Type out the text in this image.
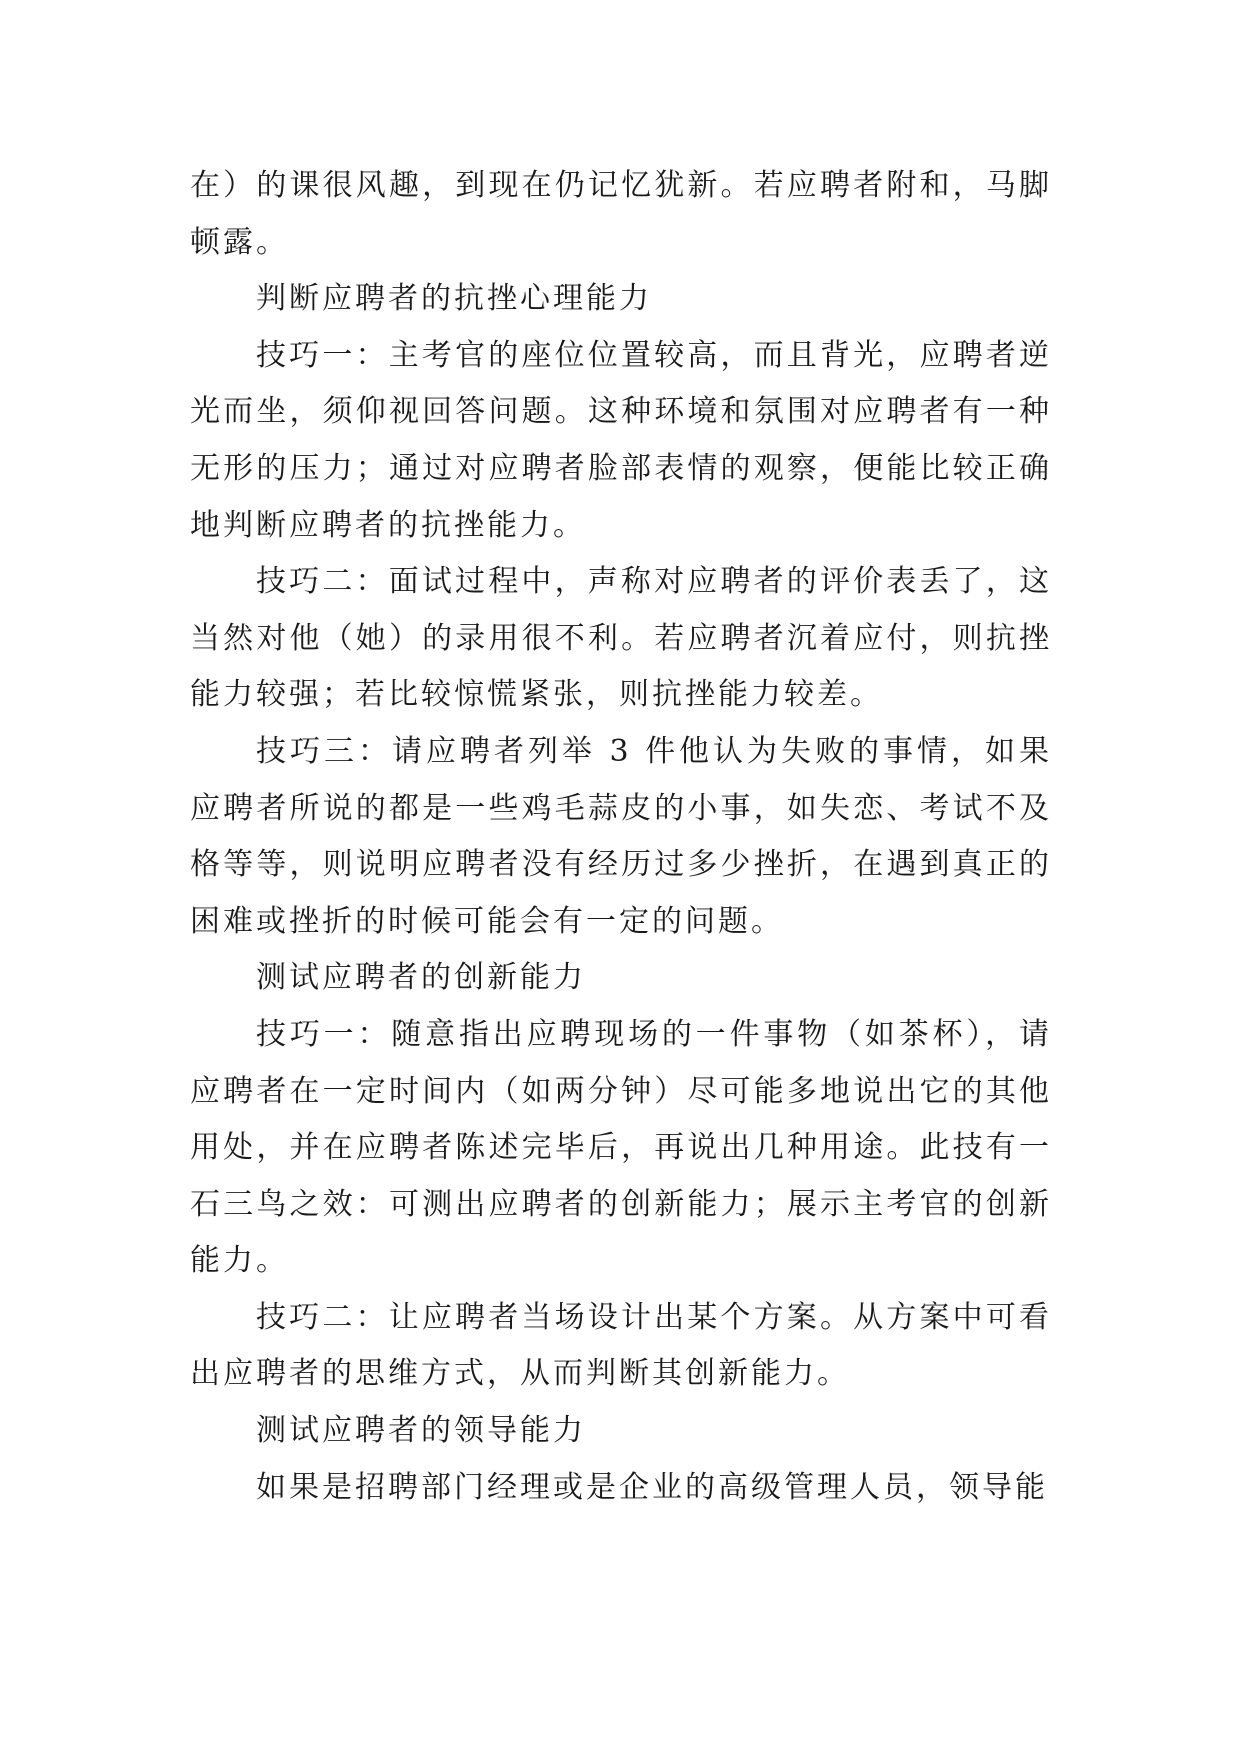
在）的课很风趣，到现在仍记忆犹新。若应聘者附和，马脚顿露。

判断应聘者的抗挫心理能力

技巧一：主考官的座位位置较高，而且背光，应聘者逆光而坐，须仰视回答问题。这种环境和氛围对应聘者有一种无形的压力；通过对应聘者脸部表情的观察，便能比较正确地判断应聘者的抗挫能力。

技巧二：面试过程中，声称对应聘者的评价表丢了，这当然对他（她）的录用很不利。若应聘者沉着应付，则抗挫能力较强；若比较惊慌紧张，则抗挫能力较差。

技巧三：请应聘者列举 3 件他认为失败的事情，如果应聘者所说的都是一些鸡毛蒜皮的小事，如失恋、考试不及格等等，则说明应聘者没有经历过多少挫折，在遇到真正的困难或挫折的时候可能会有一定的问题。

测试应聘者的创新能力

技巧一：随意指出应聘现场的一件事物（如茶杯），请应聘者在一定时间内（如两分钟）尽可能多地说出它的其他用处，并在应聘者陈述完毕后，再说出几种用途。此技有一石三鸟之效：可测出应聘者的创新能力；展示主考官的创新能力。

技巧二：让应聘者当场设计出某个方案。从方案中可看出应聘者的思维方式，从而判断其创新能力。

测试应聘者的领导能力

如果是招聘部门经理或是企业的高级管理人员，领导能
